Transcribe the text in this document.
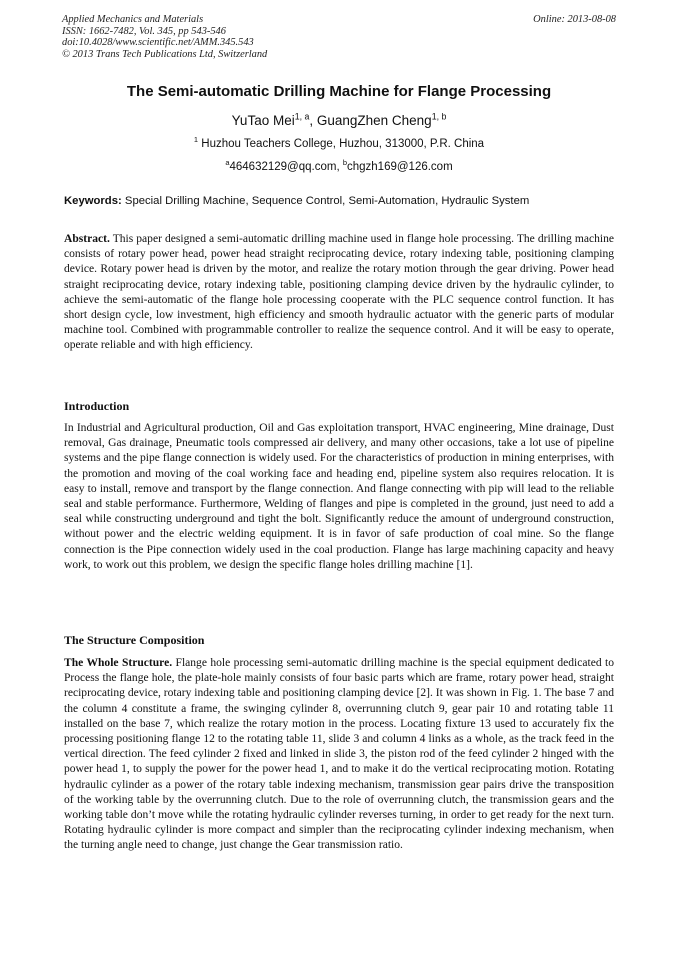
Applied Mechanics and Materials
ISSN: 1662-7482, Vol. 345, pp 543-546
doi:10.4028/www.scientific.net/AMM.345.543
© 2013 Trans Tech Publications Ltd, Switzerland
Online: 2013-08-08
The Semi-automatic Drilling Machine for Flange Processing
YuTao Mei$^{1, a}$, GuangZhen Cheng$^{1, b}$
$^1$ Huzhou Teachers College, Huzhou, 313000, P.R. China
$^a$464632129@qq.com, $^b$chgzh169@126.com
Keywords: Special Drilling Machine, Sequence Control, Semi-Automation, Hydraulic System
Abstract. This paper designed a semi-automatic drilling machine used in flange hole processing. The drilling machine consists of rotary power head, power head straight reciprocating device, rotary indexing table, positioning clamping device. Rotary power head is driven by the motor, and realize the rotary motion through the gear driving. Power head straight reciprocating device, rotary indexing table, positioning clamping device driven by the hydraulic cylinder, to achieve the semi-automatic of the flange hole processing cooperate with the PLC sequence control function. It has short design cycle, low investment, high efficiency and smooth hydraulic actuator with the generic parts of modular machine tool. Combined with programmable controller to realize the sequence control. And it will be easy to operate, operate reliable and with high efficiency.
Introduction
In Industrial and Agricultural production, Oil and Gas exploitation transport, HVAC engineering, Mine drainage, Dust removal, Gas drainage, Pneumatic tools compressed air delivery, and many other occasions, take a lot use of pipeline systems and the pipe flange connection is widely used. For the characteristics of production in mining enterprises, with the promotion and moving of the coal working face and heading end, pipeline system also requires relocation. It is easy to install, remove and transport by the flange connection. And flange connecting with pip will lead to the reliable seal and stable performance. Furthermore, Welding of flanges and pipe is completed in the ground, just need to add a seal while constructing underground and tight the bolt. Significantly reduce the amount of underground construction, without power and the electric welding equipment. It is in favor of safe production of coal mine. So the flange connection is the Pipe connection widely used in the coal production. Flange has large machining capacity and heavy work, to work out this problem, we design the specific flange holes drilling machine [1].
The Structure Composition
The Whole Structure. Flange hole processing semi-automatic drilling machine is the special equipment dedicated to Process the flange hole, the plate-hole mainly consists of four basic parts which are frame, rotary power head, straight reciprocating device, rotary indexing table and positioning clamping device [2]. It was shown in Fig. 1. The base 7 and the column 4 constitute a frame, the swinging cylinder 8, overrunning clutch 9, gear pair 10 and rotating table 11 installed on the base 7, which realize the rotary motion in the process. Locating fixture 13 used to accurately fix the processing positioning flange 12 to the rotating table 11, slide 3 and column 4 links as a whole, as the track feed in the vertical direction. The feed cylinder 2 fixed and linked in slide 3, the piston rod of the feed cylinder 2 hinged with the power head 1, to supply the power for the power head 1, and to make it do the vertical reciprocating motion. Rotating hydraulic cylinder as a power of the rotary table indexing mechanism, transmission gear pairs drive the transposition of the working table by the overrunning clutch. Due to the role of overrunning clutch, the transmission gears and the working table don’t move while the rotating hydraulic cylinder reverses turning, in order to get ready for the next turn. Rotating hydraulic cylinder is more compact and simpler than the reciprocating cylinder indexing mechanism, when the turning angle need to change, just change the Gear transmission ratio.
